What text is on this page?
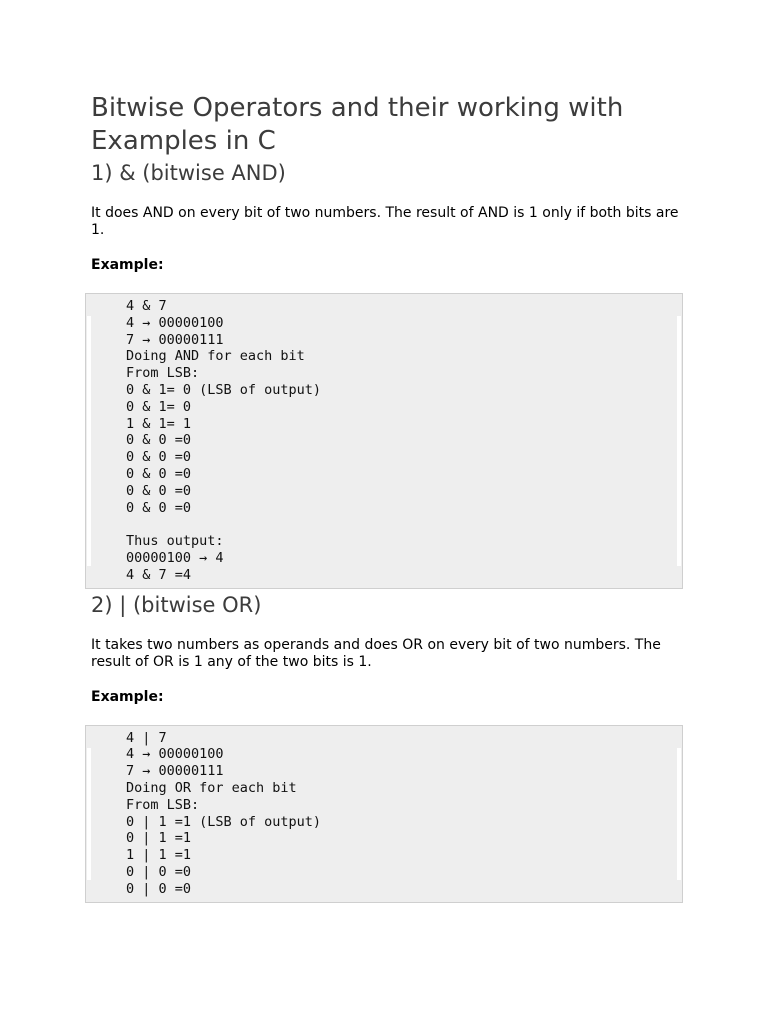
Bitwise Operators and their working with Examples in C
1) & (bitwise AND)

It does AND on every bit of two numbers. The result of AND is 1 only if both bits are 1.

Example:

4 & 7
4 → 00000100
7 → 00000111
Doing AND for each bit
From LSB:
0 & 1= 0 (LSB of output)
0 & 1= 0
1 & 1= 1
0 & 0 =0
0 & 0 =0
0 & 0 =0
0 & 0 =0
0 & 0 =0
Thus output:
00000100 → 4
4 & 7 =4
2) | (bitwise OR)

It takes two numbers as operands and does OR on every bit of two numbers. The result of OR is 1 any of the two bits is 1.

Example:

4 | 7
4 → 00000100
7 → 00000111
Doing OR for each bit
From LSB:
0 | 1 =1 (LSB of output)
0 | 1 =1
1 | 1 =1
0 | 0 =0
0 | 0 =0
